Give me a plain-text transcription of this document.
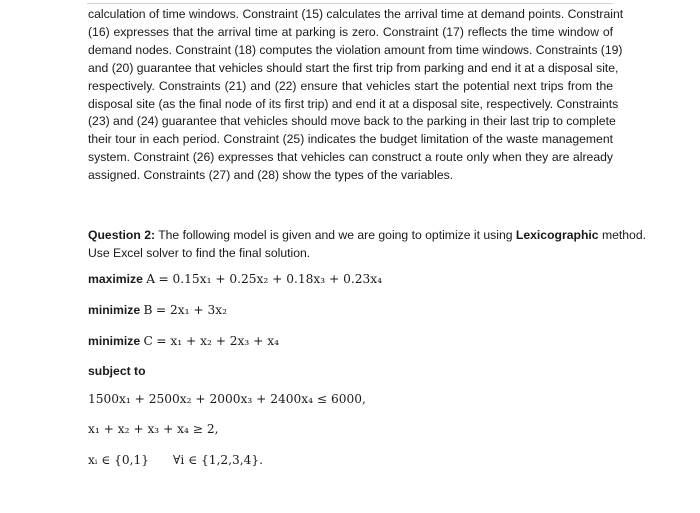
calculation of time windows. Constraint (15) calculates the arrival time at demand points. Constraint
(16) expresses that the arrival time at parking is zero. Constraint (17) reflects the time window of
demand nodes. Constraint (18) computes the violation amount from time windows. Constraints (19)
and (20) guarantee that vehicles should start the first trip from parking and end it at a disposal site,
respectively. Constraints (21) and (22) ensure that vehicles start the potential next trips from the
disposal site (as the final node of its first trip) and end it at a disposal site, respectively. Constraints
(23) and (24) guarantee that vehicles should move back to the parking in their last trip to complete
their tour in each period. Constraint (25) indicates the budget limitation of the waste management
system. Constraint (26) expresses that vehicles can construct a route only when they are already
assigned. Constraints (27) and (28) show the types of the variables.
Question 2: The following model is given and we are going to optimize it using Lexicographic method.
Use Excel solver to find the final solution.
maximize A = 0.15x₁ + 0.25x₂ + 0.18x₃ + 0.23x₄
minimize B = 2x₁ + 3x₂
minimize C = x₁ + x₂ + 2x₃ + x₄
subject to
1500x₁ + 2500x₂ + 2000x₃ + 2400x₄ ≤ 6000,
x₁ + x₂ + x₃ + x₄ ≥ 2,
xᵢ ∈ {0,1} ∀i ∈ {1,2,3,4}.
